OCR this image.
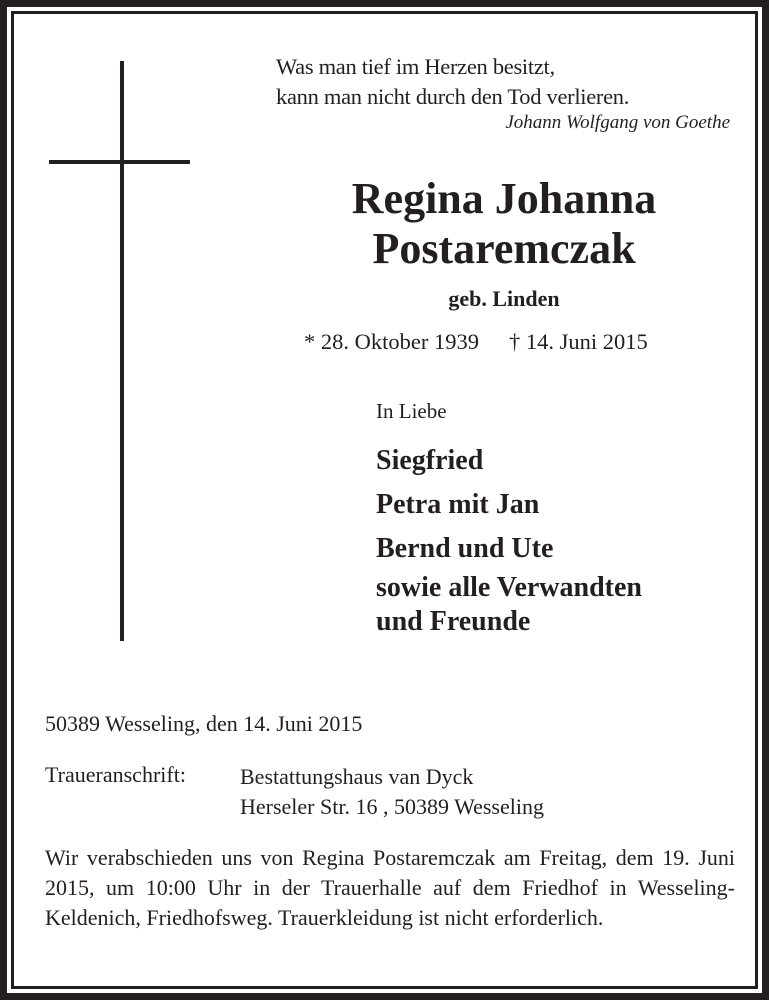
Was man tief im Herzen besitzt,
kann man nicht durch den Tod verlieren.
Johann Wolfgang von Goethe
Regina Johanna
Postaremczak
geb. Linden
* 28. Oktober 1939 † 14. Juni 2015
In Liebe
Siegfried
Petra mit Jan
Bernd und Ute
sowie alle Verwandten
und Freunde
50389 Wesseling, den 14. Juni 2015
Traueranschrift: Bestattungshaus van Dyck
Herseler Str. 16 , 50389 Wesseling
Wir verabschieden uns von Regina Postaremczak am Freitag, dem 19. Juni 2015, um 10:00 Uhr in der Trauerhalle auf dem Friedhof in Wesseling-Keldenich, Friedhofsweg. Trauerkleidung ist nicht erforderlich.
